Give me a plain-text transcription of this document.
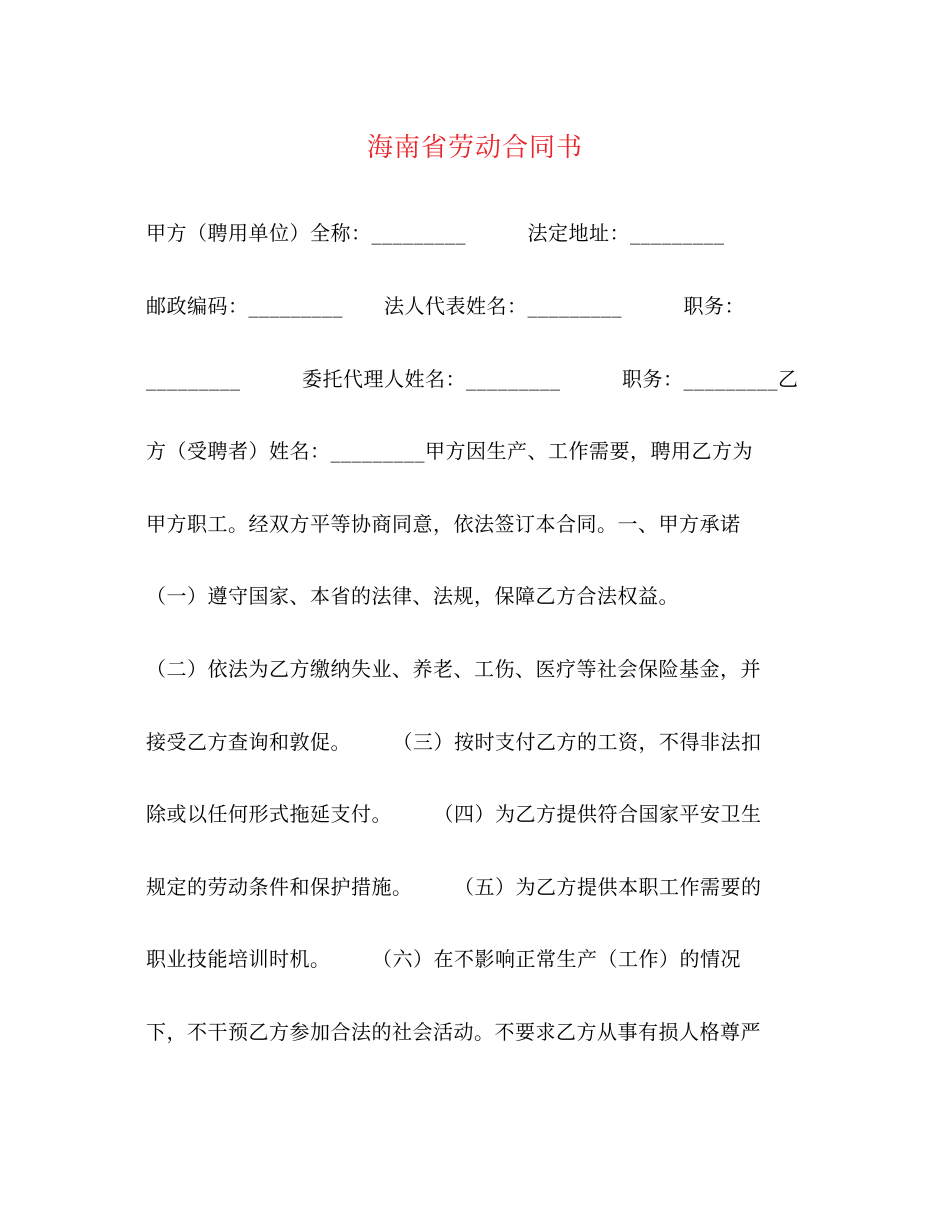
海南省劳动合同书
甲方（聘用单位）全称：_________　　　法定地址：_________
邮政编码：_________　　法人代表姓名：_________　　　职务：
_________　　　委托代理人姓名：_________　　　职务：_________乙
方（受聘者）姓名：_________甲方因生产、工作需要，聘用乙方为
甲方职工。经双方平等协商同意，依法签订本合同。一、甲方承诺
（一）遵守国家、本省的法律、法规，保障乙方合法权益。
（二）依法为乙方缴纳失业、养老、工伤、医疗等社会保险基金，并
接受乙方查询和敦促。　　　（三）按时支付乙方的工资，不得非法扣
除或以任何形式拖延支付。　　　（四）为乙方提供符合国家平安卫生
规定的劳动条件和保护措施。　　　（五）为乙方提供本职工作需要的
职业技能培训时机。　　　（六）在不影响正常生产（工作）的情况
下，不干预乙方参加合法的社会活动。不要求乙方从事有损人格尊严
